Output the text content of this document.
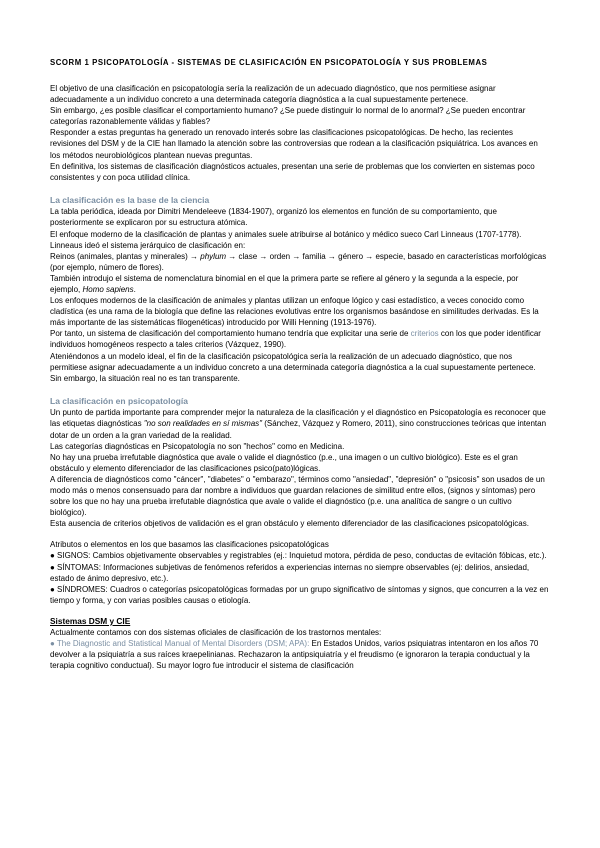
SCORM 1 PSICOPATOLOGÍA - SISTEMAS DE CLASIFICACIÓN EN PSICOPATOLOGÍA Y SUS PROBLEMAS

El objetivo de una clasificación en psicopatología sería la realización de un adecuado diagnóstico, que nos permitiese asignar adecuadamente a un individuo concreto a una determinada categoría diagnóstica a la cual supuestamente pertenece.

Sin embargo, ¿es posible clasificar el comportamiento humano? ¿Se puede distinguir lo normal de lo anormal? ¿Se pueden encontrar categorías razonablemente válidas y fiables?

Responder a estas preguntas ha generado un renovado interés sobre las clasificaciones psicopatológicas. De hecho, las recientes revisiones del DSM y de la CIE han llamado la atención sobre las controversias que rodean a la clasificación psiquiátrica. Los avances en los métodos neurobiológicos plantean nuevas preguntas.

En definitiva, los sistemas de clasificación diagnósticos actuales, presentan una serie de problemas que los convierten en sistemas poco consistentes y con poca utilidad clínica.

La clasificación es la base de la ciencia

La tabla periódica, ideada por Dimitri Mendeleeve (1834-1907), organizó los elementos en función de su comportamiento, que posteriormente se explicaron por su estructura atómica.

El enfoque moderno de la clasificación de plantas y animales suele atribuirse al botánico y médico sueco Carl Linneaus (1707-1778).

Linneaus ideó el sistema jerárquico de clasificación en:

Reinos (animales, plantas y minerales) → phylum → clase → orden → familia → género → especie, basado en características morfológicas (por ejemplo, número de flores).

También introdujo el sistema de nomenclatura binomial en el que la primera parte se refiere al género y la segunda a la especie, por ejemplo, Homo sapiens.

Los enfoques modernos de la clasificación de animales y plantas utilizan un enfoque lógico y casi estadístico, a veces conocido como cladística (es una rama de la biología que define las relaciones evolutivas entre los organismos basándose en similitudes derivadas. Es la más importante de las sistemáticas filogenéticas) introducido por Willi Henning (1913-1976).

Por tanto, un sistema de clasificación del comportamiento humano tendría que explicitar una serie de criterios con los que poder identificar individuos homogéneos respecto a tales criterios (Vázquez, 1990).

Ateniéndonos a un modelo ideal, el fin de la clasificación psicopatológica sería la realización de un adecuado diagnóstico, que nos permitiese asignar adecuadamente a un individuo concreto a una determinada categoría diagnóstica a la cual supuestamente pertenece.

Sin embargo, la situación real no es tan transparente.

La clasificación en psicopatología

Un punto de partida importante para comprender mejor la naturaleza de la clasificación y el diagnóstico en Psicopatología es reconocer que las etiquetas diagnósticas "no son realidades en sí mismas" (Sánchez, Vázquez y Romero, 2011), sino construcciones teóricas que intentan dotar de un orden a la gran variedad de la realidad.

Las categorías diagnósticas en Psicopatología no son "hechos" como en Medicina.

No hay una prueba irrefutable diagnóstica que avale o valide el diagnóstico (p.e., una imagen o un cultivo biológico). Este es el gran obstáculo y elemento diferenciador de las clasificaciones psico(pato)lógicas.

A diferencia de diagnósticos como "cáncer", "diabetes" o "embarazo", términos como "ansiedad", "depresión" o "psicosis" son usados de un modo más o menos consensuado para dar nombre a individuos que guardan relaciones de similitud entre ellos, (signos y síntomas) pero sobre los que no hay una prueba irrefutable diagnóstica que avale o valide el diagnóstico (p.e. una analítica de sangre o un cultivo biológico).

Esta ausencia de criterios objetivos de validación es el gran obstáculo y elemento diferenciador de las clasificaciones psicopatológicas.

Atributos o elementos en los que basamos las clasificaciones psicopatológicas

● SIGNOS: Cambios objetivamente observables y registrables (ej.: Inquietud motora, pérdida de peso, conductas de evitación fóbicas, etc.).

● SÍNTOMAS: Informaciones subjetivas de fenómenos referidos a experiencias internas no siempre observables (ej: delirios, ansiedad, estado de ánimo depresivo, etc.).

● SÍNDROMES: Cuadros o categorías psicopatológicas formadas por un grupo significativo de síntomas y signos, que concurren a la vez en tiempo y forma, y con varias posibles causas o etiología.

Sistemas DSM y CIE

Actualmente contamos con dos sistemas oficiales de clasificación de los trastornos mentales:

● The Diagnostic and Statistical Manual of Mental Disorders (DSM; APA): En Estados Unidos, varios psiquiatras intentaron en los años 70 devolver a la psiquiatría a sus raíces kraepelinianas. Rechazaron la antipsiquiatría y el freudismo (e ignoraron la terapia conductual y la terapia cognitivo conductual). Su mayor logro fue introducir el sistema de clasificación
